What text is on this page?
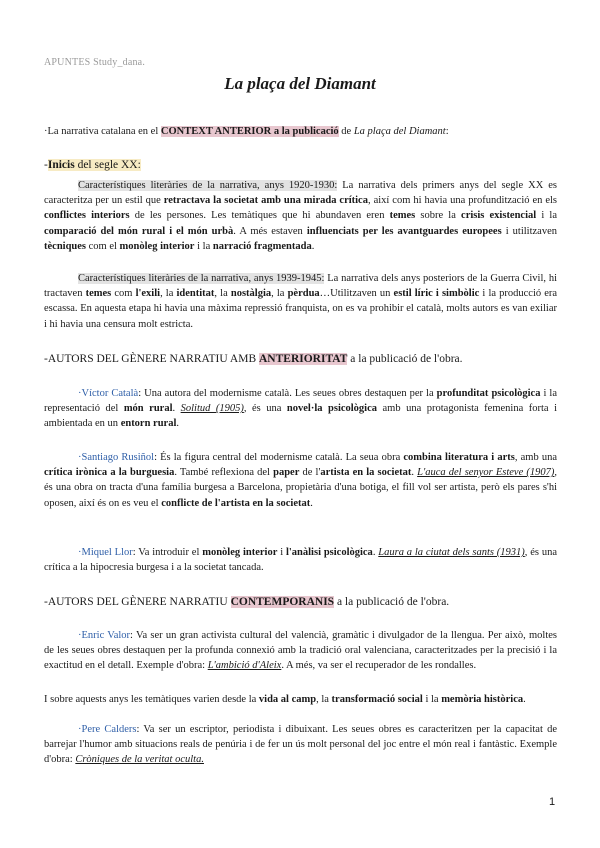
APUNTES Study_dana.
La plaça del Diamant
·La narrativa catalana en el CONTEXT ANTERIOR a la publicació de La plaça del Diamant:
-Inicis del segle XX:
Característiques literàries de la narrativa, anys 1920-1930: La narrativa dels primers anys del segle XX es caracteritza per un estil que retractava la societat amb una mirada crítica, així com hi havia una profundització en els conflictes interiors de les persones. Les temàtiques que hi abundaven eren temes sobre la crisis existencial i la comparació del món rural i el món urbà. A més estaven influenciats per les avantguardes europees i utilitzaven tècniques com el monòleg interior i la narració fragmentada.
Característiques literàries de la narrativa, anys 1939-1945: La narrativa dels anys posteriors de la Guerra Civil, hi tractaven temes com l'exili, la identitat, la nostàlgia, la pèrdua…Utilitzaven un estil líric i simbòlic i la producció era escassa. En aquesta etapa hi havia una màxima repressió franquista, on es va prohibir el català, molts autors es van exiliar i hi havia una censura molt estricta.
-AUTORS DEL GÈNERE NARRATIU AMB ANTERIORITAT a la publicació de l'obra.
·Víctor Català: Una autora del modernisme català. Les seues obres destaquen per la profunditat psicològica i la representació del món rural. Solitud (1905), és una novel·la psicològica amb una protagonista femenina forta i ambientada en un entorn rural.
·Santiago Rusiñol: És la figura central del modernisme català. La seua obra combina literatura i arts, amb una crítica irònica a la burguesia. També reflexiona del paper de l'artista en la societat. L'auca del senyor Esteve (1907), és una obra on tracta d'una família burgesa a Barcelona, propietària d'una botiga, el fill vol ser artista, però els pares s'hi oposen, així és on es veu el conflicte de l'artista en la societat.
·Miquel Llor: Va introduir el monòleg interior i l'anàlisi psicològica. Laura a la ciutat dels sants (1931), és una crítica a la hipocresia burgesa i a la societat tancada.
-AUTORS DEL GÈNERE NARRATIU CONTEMPORANIS a la publicació de l'obra.
·Enric Valor: Va ser un gran activista cultural del valencià, gramàtic i divulgador de la llengua. Per això, moltes de les seues obres destaquen per la profunda connexió amb la tradició oral valenciana, caracteritzades per la precisió i la exactitud en el detall. Exemple d'obra: L'ambició d'Aleix. A més, va ser el recuperador de les rondalles.
I sobre aquests anys les temàtiques varien desde la vida al camp, la transformació social i la memòria històrica.
·Pere Calders: Va ser un escriptor, periodista i dibuixant. Les seues obres es caracteritzen per la capacitat de barrejar l'humor amb situacions reals de penúria i de fer un ús molt personal del joc entre el món real i fantàstic. Exemple d'obra: Cròniques de la veritat oculta.
1
